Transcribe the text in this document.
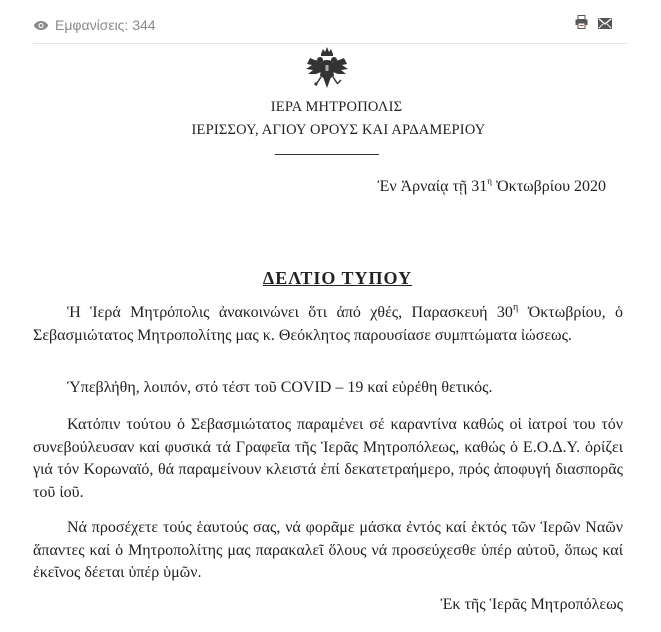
Εμφανίσεις: 344
ΙΕΡΑ ΜΗΤΡΟΠΟΛΙΣ
ΙΕΡΙΣΣΟΥ, ΑΓΙΟΥ ΟΡΟΥΣ ΚΑΙ ΑΡΔΑΜΕΡΙΟΥ
Ἐν Ἀρναίᾳ τῇ $31^\eta$ Ὀκτωβρίου 2020
ΔΕΛΤΙΟ ΤΥΠΟΥ
Ἡ Ἱερά Μητρόπολις ἀνακοινώνει ὅτι ἀπό χθές, Παρασκευή $30^\eta$ Ὀκτωβρίου, ὁ Σεβασμιώτατος Μητροπολίτης μας κ. Θεόκλητος παρουσίασε συμπτώματα ἰώσεως.
Ὑπεβλήθη, λοιπόν, στό τέστ τοῦ COVID – 19 καί εὑρέθη θετικός.
Κατόπιν τούτου ὁ Σεβασμιώτατος παραμένει σέ καραντίνα καθώς οἱ ἰατροί του τόν συνεβούλευσαν καί φυσικά τά Γραφεῖα τῆς Ἱερᾶς Μητροπόλεως, καθώς ὁ Ε.Ο.Δ.Υ. ὁρίζει γιά τόν Κορωναϊό, θά παραμείνουν κλειστά ἐπί δεκατετραήμερο, πρός ἀποφυγή διασπορᾶς τοῦ ἰοῦ.
Νά προσέχετε τούς ἑαυτούς σας, νά φορᾶμε μάσκα ἐντός καί ἐκτός τῶν Ἱερῶν Ναῶν ἅπαντες καί ὁ Μητροπολίτης μας παρακαλεῖ ὅλους νά προσεύχεσθε ὑπέρ αὐτοῦ, ὅπως καί ἐκεῖνος δέεται ὑπέρ ὑμῶν.
Ἐκ τῆς Ἱερᾶς Μητροπόλεως
